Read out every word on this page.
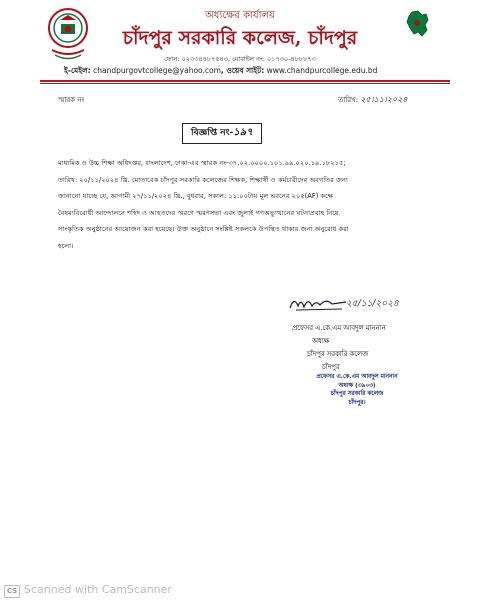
অধ্যক্ষের কার্যালয়
চাঁদপুর সরকারি কলেজ, চাঁদপুর
ফোন: ০২৩৩৪৪৮৭৫৪৩, মোবাইল নং: ০১৭৩০-৪৮৮৮৭৩
ই-মেইল: chandpurgovtcollege@yahoo.com, ওয়েব সাইট: www.chandpurcollege.edu.bd
স্মারক নং	তারিখ: ২৫।১১।২০২৪
বিজ্ঞপ্তি নং-১৯৭
মাধ্যমিক ও উচ্চ শিক্ষা অধিদপ্তর, বাংলাদেশ, ঢাকা-এর স্মারক নং-৩৭.০২.০০০০.১০১.৯৯.০২০.১৯.১৮২১৫;
তারিখ: ২০/১১/২০২৪ খ্রি. মোতাবেক চাঁদপুর সরকারি কলেজের শিক্ষক, শিক্ষার্থী ও কর্মচারীদের অবগতির জন্য
জানানো যাচ্ছে যে, আগামী ২৭/১১/২০২৪ খ্রি., বুধবার, সকাল: ১১:০০টায় মূল ভবনের ২০৫(AF) কক্ষে
বৈষম্যবিরোধী আন্দোলনে শহিদ ও আহতদের স্মরণে স্মরণসভা এবং জুলাই গণঅভ্যুত্থানের ঘটনাপ্রবাহ নিয়ে
সাংস্কৃতিক অনুষ্ঠানের আয়োজন করা হয়েছে। উক্ত অনুষ্ঠানে সংশ্লিষ্ট সকলকে উপস্থিত থাকার জন্য অনুরোধ করা
হলো।
২৫/১১/২০২৪
প্রফেসর এ.কে.এম আবদুল মাননান
অধ্যক্ষ
চাঁদপুর সরকারি কলেজ
চাঁদপুর
প্রফেসর এ.কে.এম আবদুল মাননান
অধ্যক্ষ (৩৯০৩)
চাঁদপুর সরকারি কলেজ
চাঁদপুর।
CS Scanned with CamScanner
